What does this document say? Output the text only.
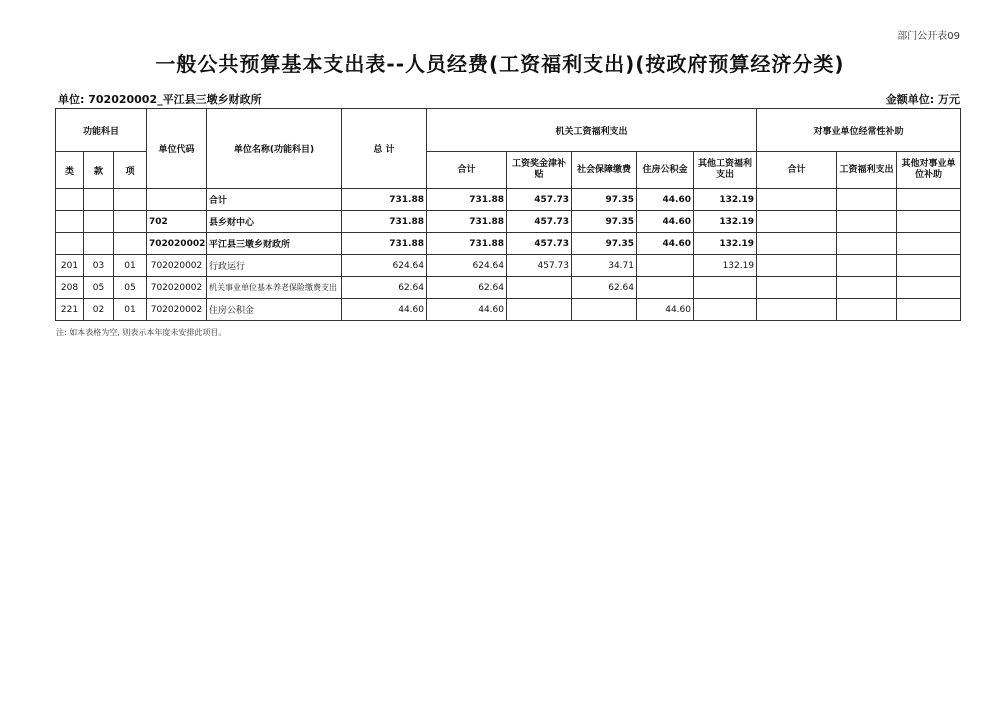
部门公开表09
一般公共预算基本支出表--人员经费(工资福利支出)(按政府预算经济分类)
单位: 702020002_平江县三墩乡财政所	金额单位: 万元
功能科目			单位代码	单位名称(功能科目)	总 计	机关工资福利支出					对事业单位经常性补助		
类	款	项				合计	工资奖金津补贴	社会保障缴费	住房公积金	其他工资福利支出	合计	工资福利支出	其他对事业单位补助
				合计	731.88	731.88	457.73	97.35	44.60	132.19			
			702	县乡财中心	731.88	731.88	457.73	97.35	44.60	132.19			
			702020002	平江县三墩乡财政所	731.88	731.88	457.73	97.35	44.60	132.19			
201	03	01	702020002	行政运行	624.64	624.64	457.73	34.71		132.19			
208	05	05	702020002	机关事业单位基本养老保险缴费支出	62.64	62.64		62.64					
221	02	01	702020002	住房公积金	44.60	44.60			44.60				
注: 如本表格为空, 则表示本年度未安排此项目。
